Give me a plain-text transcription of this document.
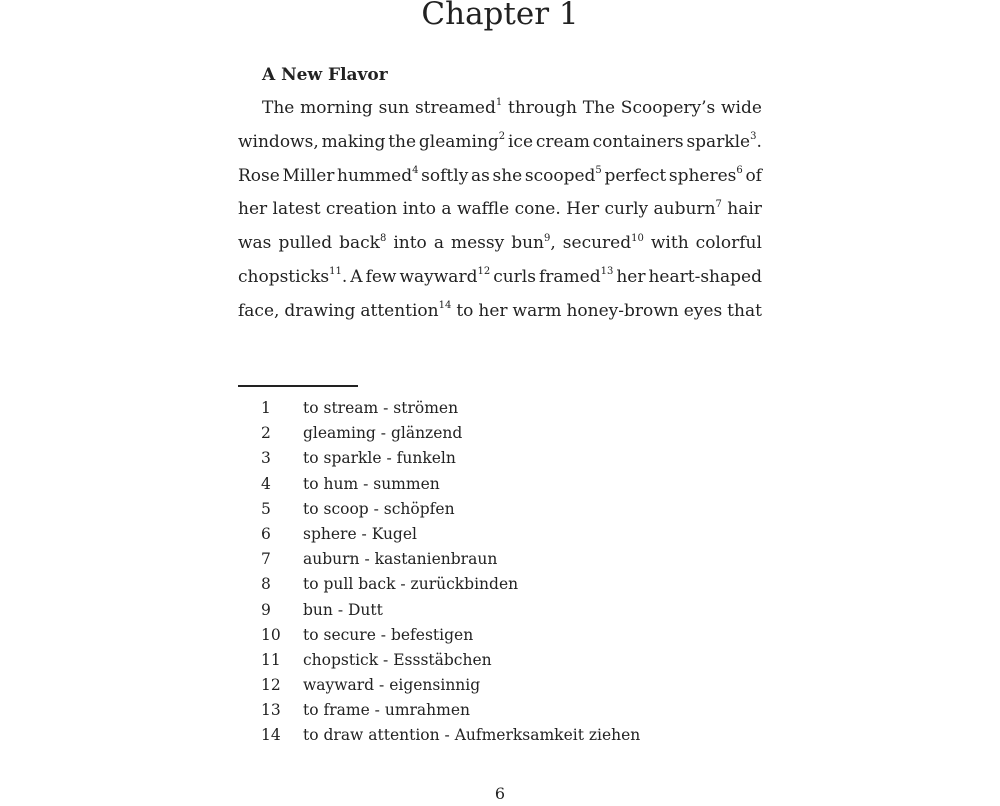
Chapter 1
A New Flavor
The morning sun streamed$^1$ through The Scoopery’s wide
windows, making the gleaming$^2$ ice cream containers sparkle$^3$.
Rose Miller hummed$^4$ softly as she scooped$^5$ perfect spheres$^6$ of
her latest creation into a waffle cone. Her curly auburn$^7$ hair
was pulled back$^8$ into a messy bun$^9$, secured$^{10}$ with colorful
chopsticks$^{11}$. A few wayward$^{12}$ curls framed$^{13}$ her heart-shaped
face, drawing attention$^{14}$ to her warm honey-brown eyes that
1	to stream - strömen
2	gleaming - glänzend
3	to sparkle - funkeln
4	to hum - summen
5	to scoop - schöpfen
6	sphere - Kugel
7	auburn - kastanienbraun
8	to pull back - zurückbinden
9	bun - Dutt
10	to secure - befestigen
11	chopstick - Essstäbchen
12	wayward - eigensinnig
13	to frame - umrahmen
14	to draw attention - Aufmerksamkeit ziehen
6
